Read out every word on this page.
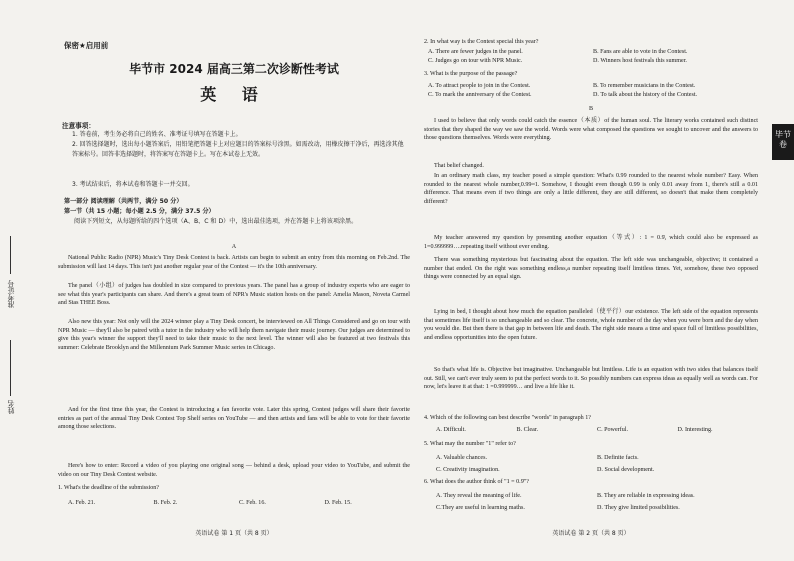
准考证号
姓名
保密★启用前
毕节市 2024 届高三第二次诊断性考试
英 语
注意事项：
1. 答卷前，考生务必将自己的姓名、准考证号填写在答题卡上。
2. 回答选择题时，选出每小题答案后，用铅笔把答题卡上对应题目的答案标号涂黑。如需改动，用橡皮擦干净后，再选涂其他答案标号。回答非选择题时，将答案写在答题卡上。写在本试卷上无效。
3. 考试结束后，将本试卷和答题卡一并交回。
第一部分 阅读理解（共两节，满分 50 分）
第一节（共 15 小题；每小题 2.5 分，满分 37.5 分）
阅读下列短文，从每题所给的四个选项（A、B、C 和 D）中，选出最佳选项，并在答题卡上将该项涂黑。
A
National Public Radio (NPR) Music's Tiny Desk Contest is back. Artists can begin to submit an entry from this morning on Feb.2nd. The submission will last 14 days. This isn't just another regular year of the Contest — it's the 10th anniversary.
The panel（小组）of judges has doubled in size compared to previous years. The panel has a group of industry experts who are eager to see what this year's participants can share. And there's a great team of NPR's Music station hosts on the panel: Amelia Mason, Noveta Carmel and Stas THEE Boss.
Also new this year: Not only will the 2024 winner play a Tiny Desk concert, be interviewed on All Things Considered and go on tour with NPR Music — they'll also be paired with a tutor in the industry who will help them navigate their music journey. Our judges are determined to give this year's winner the support they'll need to take their music to the next level. The winner will also be featured at two festivals this summer: Celebrate Brooklyn and the Millennium Park Summer Music series in Chicago.
And for the first time this year, the Contest is introducing a fan favorite vote. Later this spring, Contest judges will share their favorite entries as part of the annual Tiny Desk Contest Top Shelf series on YouTube — and then artists and fans will be able to vote for their favorite among those selections.
Here's how to enter: Record a video of you playing one original song — behind a desk, upload your video to YouTube, and submit the video on our Tiny Desk Contest website.
1. What's the deadline of the submission?
A. Feb. 21.	B. Feb. 2.	C. Feb. 16.	D. Feb. 15.
英语试卷 第 1 页（共 8 页）
2. In what way is the Contest special this year?
A. There are fewer judges in the panel.	B. Fans are able to vote in the Contest.
C. Judges go on tour with NPR Music.	D. Winners host festivals this summer.
3. What is the purpose of the passage?
A. To attract people to join in the Contest.	B. To remember musicians in the Contest.
C. To mark the anniversary of the Contest.	D. To talk about the history of the Contest.
B
I used to believe that only words could catch the essence（本质）of the human soul. The literary works contained such distinct stories that they shaped the way we saw the world. Words were what composed the questions we sought to uncover and the answers to those questions themselves. Words were everything.
That belief changed.
In an ordinary math class, my teacher posed a simple question: What's 0.99 rounded to the nearest whole number? Easy. When rounded to the nearest whole number,0.99≈1. Somehow, I thought even though 0.99 is only 0.01 away from 1, there's still a 0.01 difference. That means even if two things are only a little different, they are still different, so doesn't that make them completely different?
My teacher answered my question by presenting another equation（等式）: 1 = 0.9̇, which could also be expressed as 1=0.999999….repeating itself without ever ending.
There was something mysterious but fascinating about the equation. The left side was unchangeable, objective; it contained a number that ended. On the right was something endless,a number repeating itself limitless times. Yet, somehow, these two opposed things were connected by an equal sign.
Lying in bed, I thought about how much the equation paralleled（使平行）our existence. The left side of the equation represents that sometimes life itself is so unchangeable and so clear. The concrete, whole number of the day when you were born and the day when you would die. But then there is that gap in between life and death. The right side means a time and space full of limitless possibilities, and endless opportunities into the open future.
So that's what life is. Objective but imaginative. Unchangeable but limitless. Life is an equation with two sides that balances itself out. Still, we can't ever truly seem to put the perfect words to it. So possibly numbers can express ideas as equally well as words can. For now, let's leave it at that: 1 =0.999999… and live a life like it.
4. Which of the following can best describe "words" in paragraph 1?
A. Difficult.	B. Clear.	C. Powerful.	D. Interesting.
5. What may the number "1" refer to?
A. Valuable chances.	B. Definite facts.
C. Creativity imagination.	D. Social development.
6. What does the author think of "1 = 0.9̇"?
A. They reveal the meaning of life.	B. They are reliable in expressing ideas.
C.They are useful in learning maths.	D. They give limited possibilities.
英语试卷 第 2 页（共 8 页）
毕节卷
